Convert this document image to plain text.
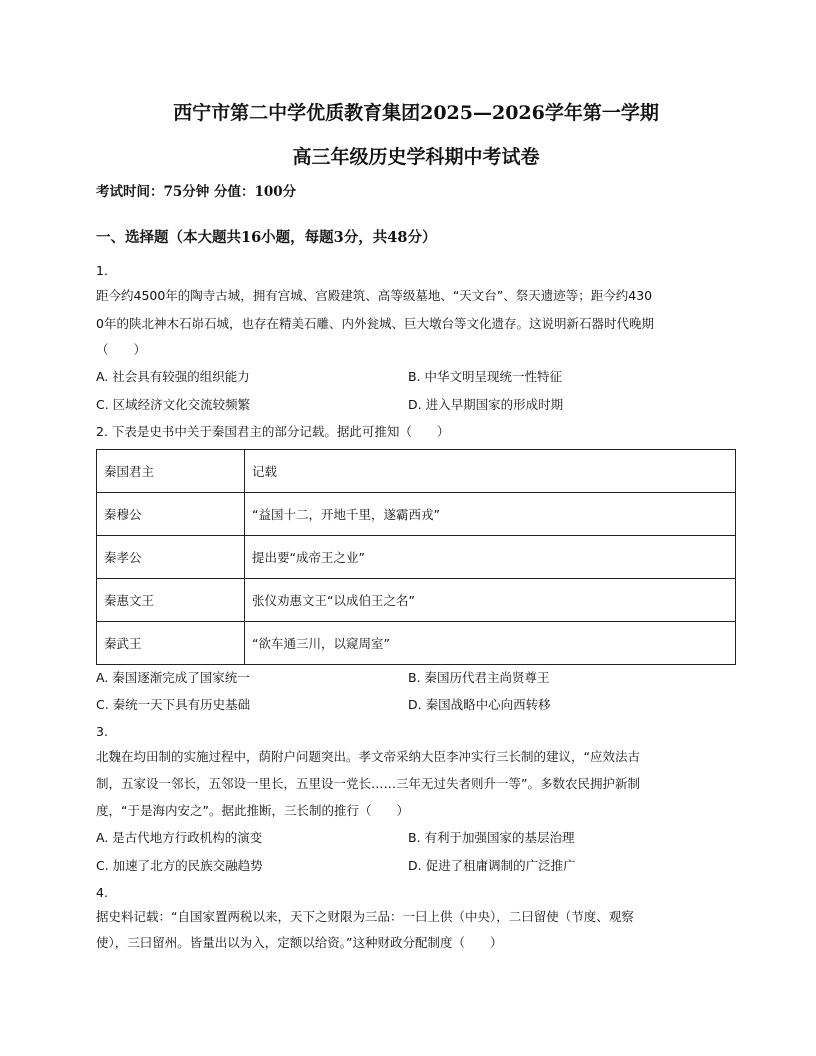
西宁市第二中学优质教育集团2025—2026学年第一学期
高三年级历史学科期中考试卷
考试时间：75分钟 分值：100分
一、选择题（本大题共16小题，每题3分，共48分）
1.
距今约4500年的陶寺古城，拥有宫城、宫殿建筑、高等级墓地、“天文台”、祭天遗迹等；距今约430
0年的陕北神木石峁石城，也存在精美石雕、内外瓮城、巨大墩台等文化遗存。这说明新石器时代晚期
（　　）
A. 社会具有较强的组织能力	B. 中华文明呈现统一性特征
C. 区域经济文化交流较频繁	D. 进入早期国家的形成时期
2. 下表是史书中关于秦国君主的部分记载。据此可推知（　　）
秦国君主	记载
秦穆公	“益国十二，开地千里，遂霸西戎”
秦孝公	提出要“成帝王之业”
秦惠文王	张仪劝惠文王“以成伯王之名”
秦武王	“欲车通三川，以窥周室”
A. 秦国逐渐完成了国家统一	B. 秦国历代君主尚贤尊王
C. 秦统一天下具有历史基础	D. 秦国战略中心向西转移
3.
北魏在均田制的实施过程中，荫附户问题突出。孝文帝采纳大臣李冲实行三长制的建议，“应效法古
制，五家设一邻长，五邻设一里长，五里设一党长……三年无过失者则升一等”。多数农民拥护新制
度，“于是海内安之”。据此推断，三长制的推行（　　）
A. 是古代地方行政机构的演变	B. 有利于加强国家的基层治理
C. 加速了北方的民族交融趋势	D. 促进了租庸调制的广泛推广
4.
据史料记载：“自国家置两税以来，天下之财限为三品：一曰上供（中央），二曰留使（节度、观察
使），三曰留州。皆量出以为入，定额以给资。”这种财政分配制度（　　）
